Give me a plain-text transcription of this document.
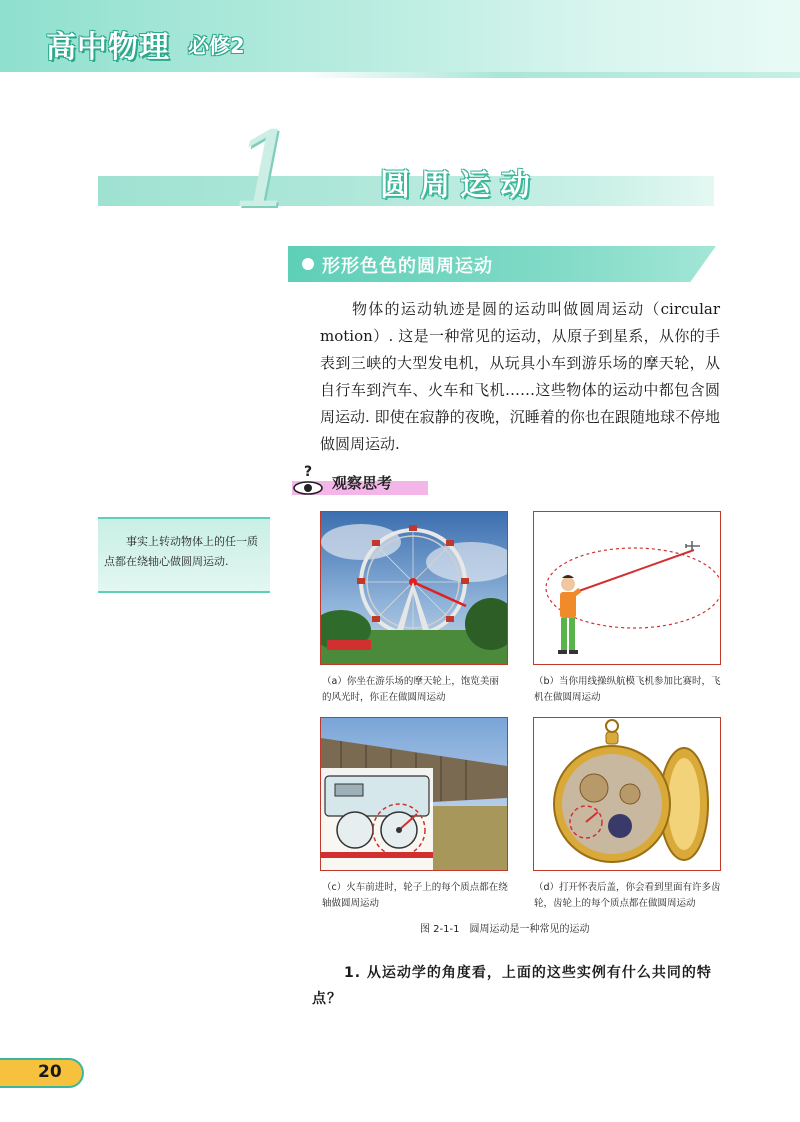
高中物理 必修2
1	圆周运动
形形色色的圆周运动
物体的运动轨迹是圆的运动叫做圆周运动（circular motion）. 这是一种常见的运动，从原子到星系，从你的手表到三峡的大型发电机，从玩具小车到游乐场的摩天轮，从自行车到汽车、火车和飞机……这些物体的运动中都包含圆周运动. 即使在寂静的夜晚，沉睡着的你也在跟随地球不停地做圆周运动.
?
观察思考
事实上转动物体上的任一质点都在绕轴心做圆周运动.
（a）你坐在游乐场的摩天轮上，饱览美丽的风光时，你正在做圆周运动
（b）当你用线操纵航模飞机参加比赛时，飞机在做圆周运动
（c）火车前进时，轮子上的每个质点都在绕轴做圆周运动
（d）打开怀表后盖，你会看到里面有许多齿轮，齿轮上的每个质点都在做圆周运动
图 2-1-1　圆周运动是一种常见的运动
1. 从运动学的角度看，上面的这些实例有什么共同的特点？
20
